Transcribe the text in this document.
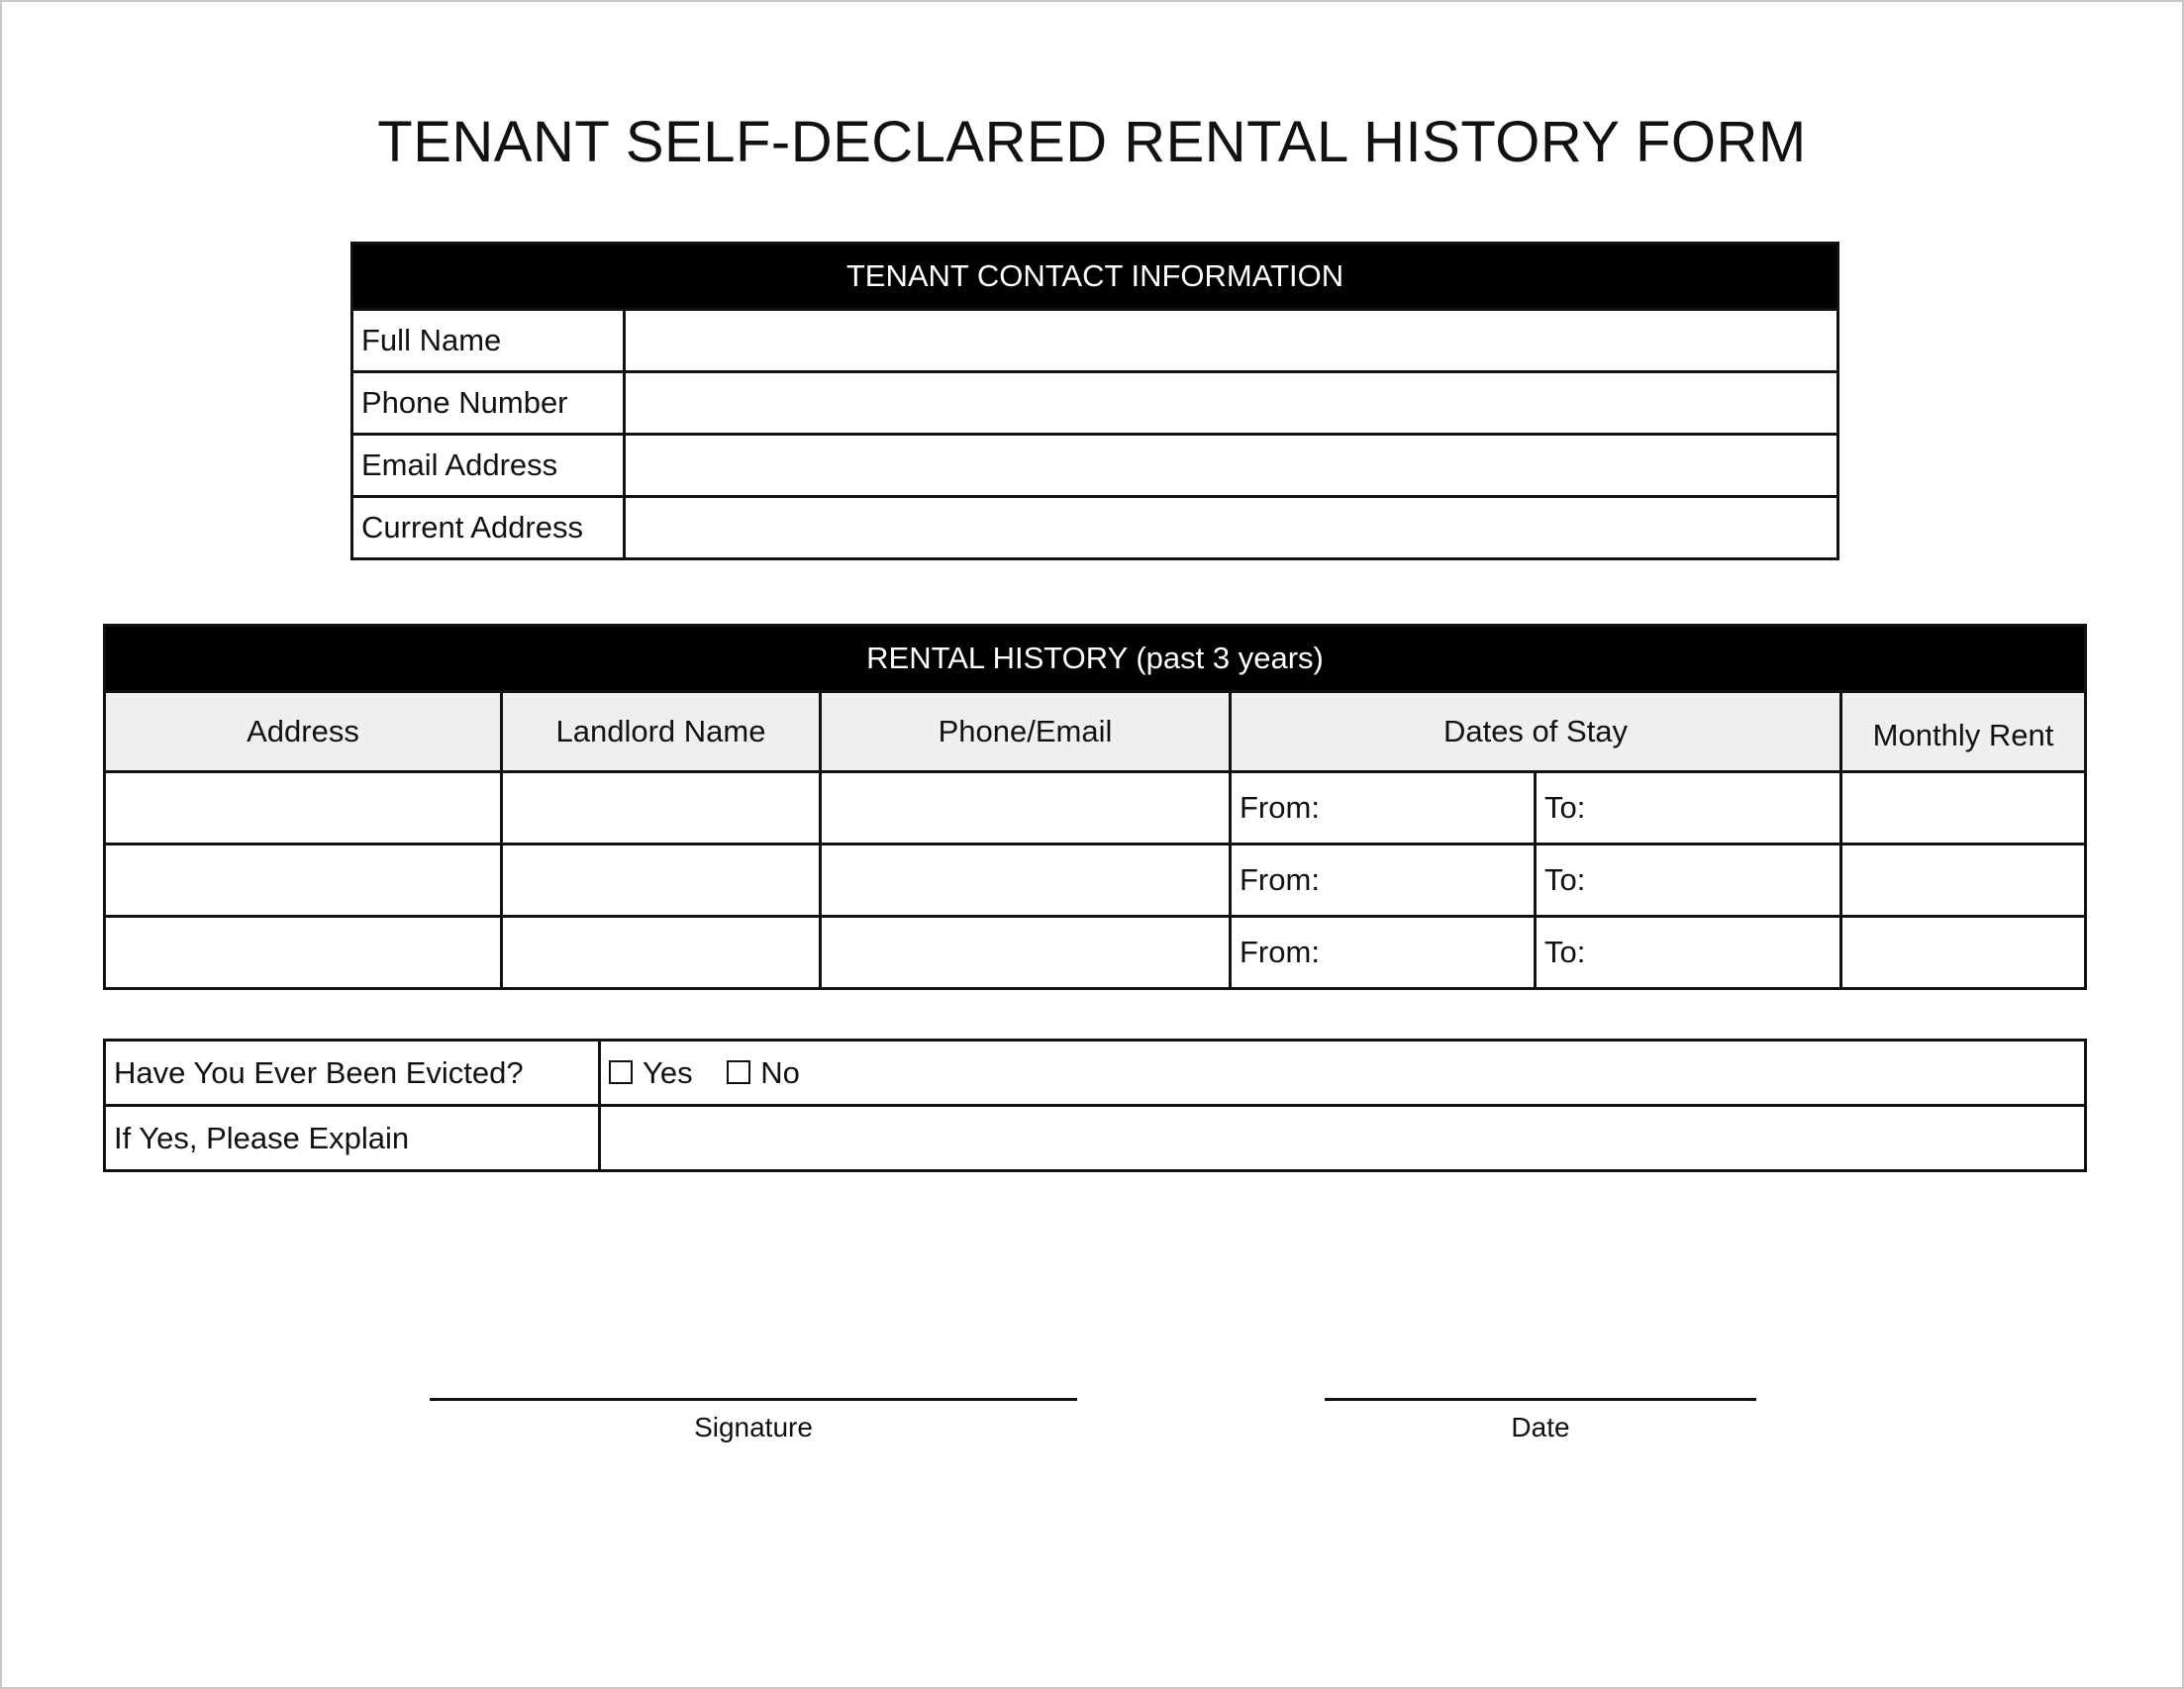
TENANT SELF-DECLARED RENTAL HISTORY FORM
TENANT CONTACT INFORMATION	
Full Name	
Phone Number	
Email Address	
Current Address	
RENTAL HISTORY (past 3 years)					
Address	Landlord Name	Phone/Email	Dates of Stay		Monthly Rent
			From:	To:	
			From:	To:	
			From:	To:	
Have You Ever Been Evicted?	Yes No
If Yes, Please Explain	
Signature	Date
